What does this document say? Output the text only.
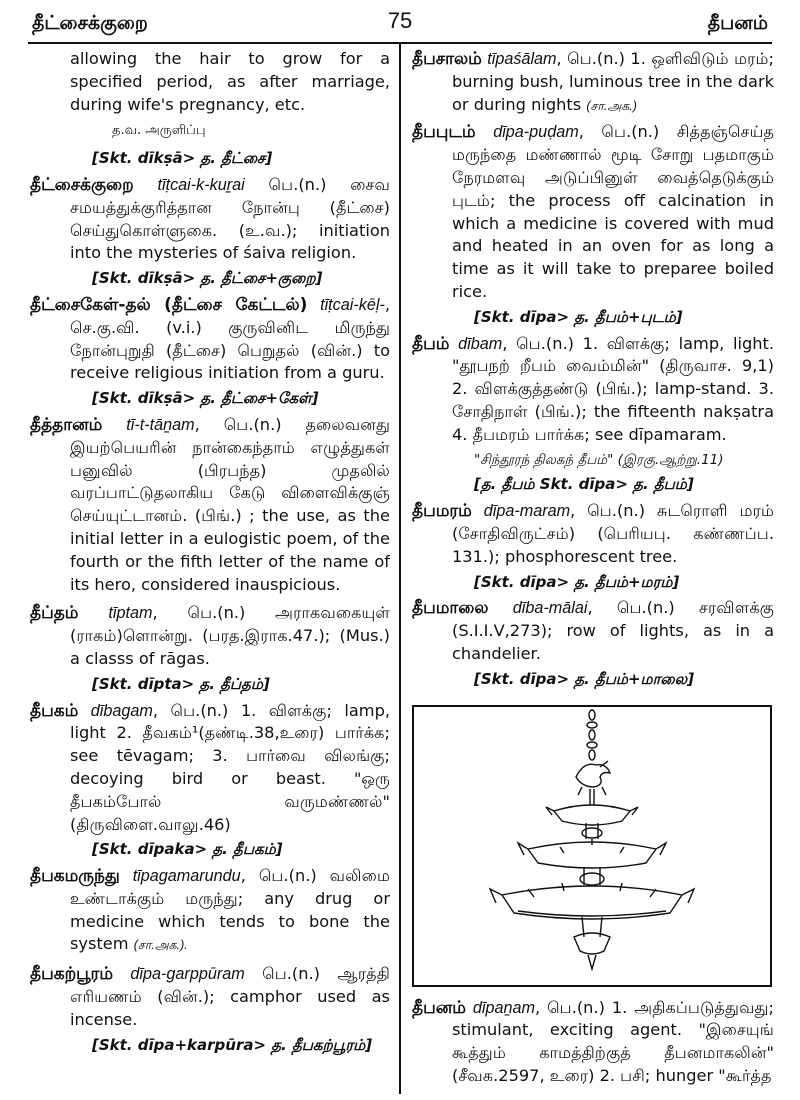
தீட்சைக்குறை	75	தீபனம்

allowing the hair to grow for a specified period, as after marriage, during wife's pregnancy, etc.

த.வ. அருளிப்பு
[Skt. dīkṣā> த. தீட்சை]

தீட்சைக்குறை tīṭcai-k-kuṟai பெ.(n.) சைவ சமயத்துக்குரித்தான நோன்பு (தீட்சை) செய்துகொள்ளுகை. (உ.வ.); initiation into the mysteries of śaiva religion.

[Skt. dīkṣā> த. தீட்சை+குறை]

தீட்சைகேள்-தல் (தீட்சை கேட்டல்) tīṭcai-kēḷ-, செ.கு.வி. (v.i.) குருவினிட மிருந்து நோன்புறுதி (தீட்சை) பெறுதல் (வின்.) to receive religious initiation from a guru.

[Skt. dīkṣā> த. தீட்சை+கேள்]

தீத்தானம் tī-t-tāṉam, பெ.(n.) தலைவனது இயற்பெயரின் நான்கைந்தாம் எழுத்துகள் பனுவில் (பிரபந்த) முதலில் வரப்பாட்டுதலாகிய கேடு விளைவிக்குஞ் செய்யுட்டானம். (பிங்.) ; the use, as the initial letter in a eulogistic poem, of the fourth or the fifth letter of the name of its hero, considered inauspicious.

தீப்தம் tīptam, பெ.(n.) அராகவகையுள் (ராகம்)ளொன்று. (பரத.இராக.47.); (Mus.) a classs of rāgas.

[Skt. dīpta> த. தீப்தம்]

தீபகம் dībagam, பெ.(n.) 1. விளக்கு; lamp, light 2. தீவகம்¹(தண்டி.38,உரை) பார்க்க; see tēvagam; 3. பார்வை விலங்கு; decoying bird or beast. "ஒரு தீபகம்போல் வருமண்ணல்" (திருவிளை.வாலு.46)

[Skt. dīpaka> த. தீபகம்]

தீபகமருந்து tīpagamarundu, பெ.(n.) வலிமை உண்டாக்கும் மருந்து; any drug or medicine which tends to bone the system (சா.அக.).

தீபகற்பூரம் dīpa-garppūram பெ.(n.) ஆரத்தி எரியணம் (வின்.); camphor used as incense.

[Skt. dīpa+karpūra> த. தீபகற்பூரம்]

தீபசாலம் tīpaśālam, பெ.(n.) 1. ஒளிவிடும் மரம்; burning bush, luminous tree in the dark or during nights (சா.அக.)

தீபபுடம் dīpa-puḍam, பெ.(n.) சித்தஞ்செய்த மருந்தை மண்ணால் மூடி சோறு பதமாகும் நேரமளவு அடுப்பினுள் வைத்தெடுக்கும் புடம்; the process off calcination in which a medicine is covered with mud and heated in an oven for as long a time as it will take to preparee boiled rice.

[Skt. dīpa> த. தீபம்+புடம்]

தீபம் dībam, பெ.(n.) 1. விளக்கு; lamp, light. "தூபநற் றீபம் வைம்மின்" (திருவாச. 9,1) 2. விளக்குத்தண்டு (பிங்.); lamp-stand. 3. சோதிநாள் (பிங்.); the fifteenth nakṣatra 4. தீபமரம் பார்க்க; see dīpamaram.

"சிந்தூரந் திலகந் தீபம்" (இரகு.ஆற்று.11)
[த. தீபம் Skt. dīpa> த. தீபம்]

தீபமரம் dīpa-maram, பெ.(n.) சுடரொளி மரம் (சோதிவிருட்சம்) (பெரியபு. கண்ணப்ப. 131.); phosphorescent tree.

[Skt. dīpa> த. தீபம்+மரம்]

தீபமாலை dība-mālai, பெ.(n.) சரவிளக்கு (S.I.I.V,273); row of lights, as in a chandelier.

[Skt. dīpa> த. தீபம்+மாலை]

தீபனம் dīpaṉam, பெ.(n.) 1. அதிகப்படுத்துவது; stimulant, exciting agent. "இசையுங் கூத்தும் காமத்திற்குத் தீபனமாகலின்" (சீவக.2597, உரை) 2. பசி; hunger "கூர்த்த
